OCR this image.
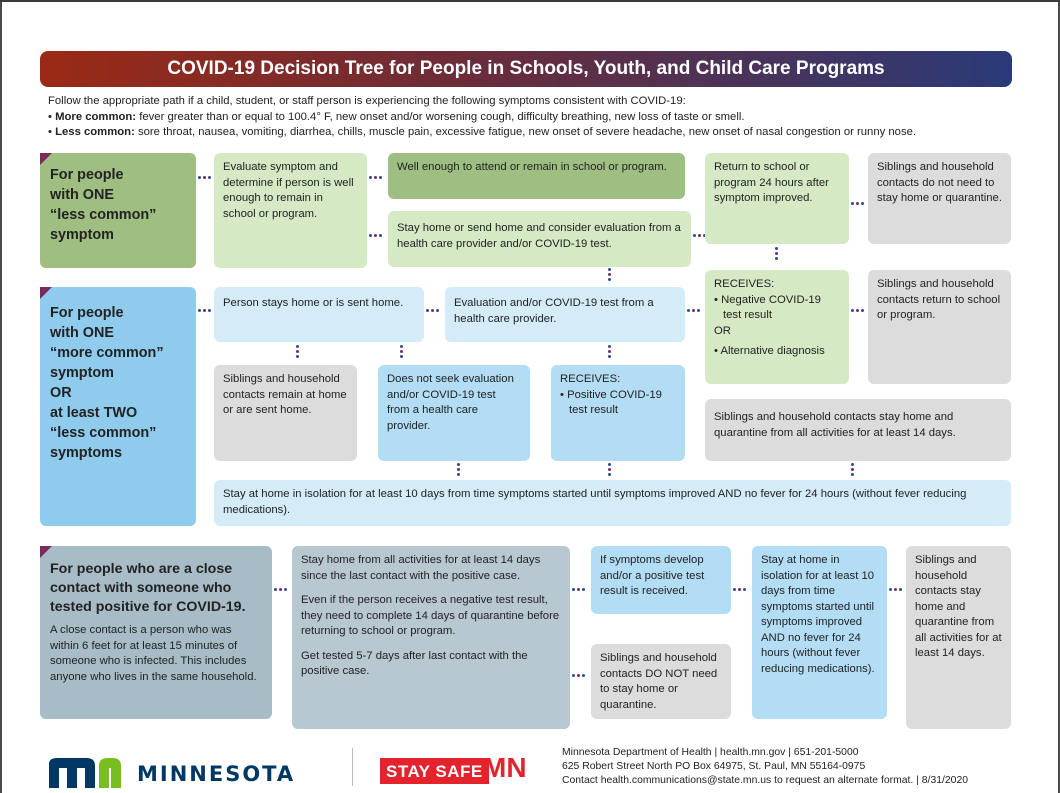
COVID-19 Decision Tree for People in Schools, Youth, and Child Care Programs
Follow the appropriate path if a child, student, or staff person is experiencing the following symptoms consistent with COVID-19:
• More common: fever greater than or equal to 100.4° F, new onset and/or worsening cough, difficulty breathing, new loss of taste or smell.
• Less common: sore throat, nausea, vomiting, diarrhea, chills, muscle pain, excessive fatigue, new onset of severe headache, new onset of nasal congestion or runny nose.
For people
with ONE
“less common”
symptom
Evaluate symptom and determine if person is well enough to remain in school or program.
Well enough to attend or remain in school or program.
Stay home or send home and consider evaluation from a health care provider and/or COVID-19 test.
Return to school or program 24 hours after symptom improved.
Siblings and household contacts do not need to stay home or quarantine.
For people
with ONE
“more common”
symptom
OR
at least TWO
“less common”
symptoms
Person stays home or is sent home.	Evaluation and/or COVID-19 test from a health care provider.
RECEIVES:
• Negative COVID-19
test result
OR
• Alternative diagnosis
Siblings and household contacts return to school or program.
Siblings and household contacts remain at home or are sent home.
Does not seek evaluation and/or COVID-19 test from a health care provider.
RECEIVES:
• Positive COVID-19
test result
Siblings and household contacts stay home and quarantine from all activities for at least 14 days.
Stay at home in isolation for at least 10 days from time symptoms started until symptoms improved AND no fever for 24 hours (without fever reducing medications).
For people who are a close contact with someone who tested positive for COVID-19.
A close contact is a person who was within 6 feet for at least 15 minutes of someone who is infected. This includes anyone who lives in the same household.
Stay home from all activities for at least 14 days since the last contact with the positive case.
Even if the person receives a negative test result, they need to complete 14 days of quarantine before returning to school or program.
Get tested 5-7 days after last contact with the positive case.
If symptoms develop and/or a positive test result is received.
Siblings and household contacts DO NOT need to stay home or quarantine.
Stay at home in isolation for at least 10 days from time symptoms started until symptoms improved AND no fever for 24 hours (without fever reducing medications).
Siblings and household contacts stay home and quarantine from all activities for at least 14 days.
MINNESOTA	STAY SAFE MN	Minnesota Department of Health | health.mn.gov | 651-201-5000
625 Robert Street North PO Box 64975, St. Paul, MN 55164-0975
Contact health.communications@state.mn.us to request an alternate format. | 8/31/2020
